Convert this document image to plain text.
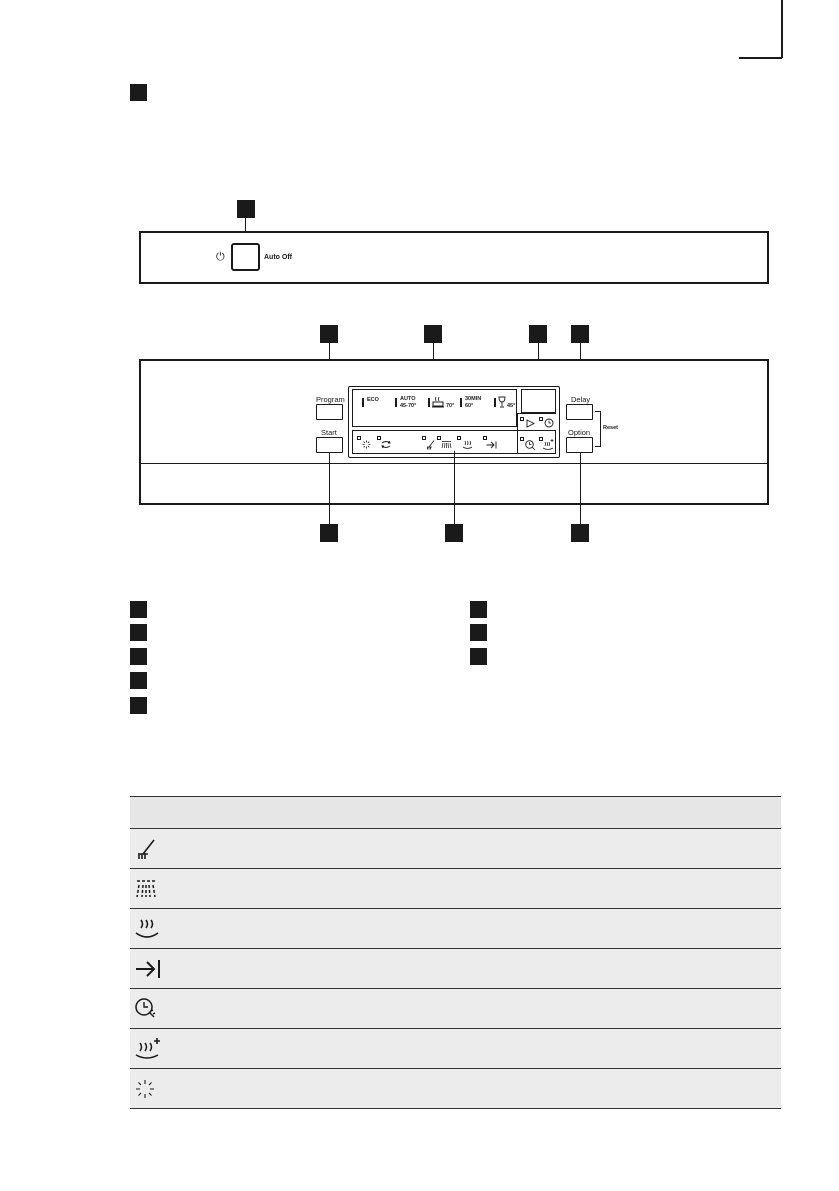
⏻	Auto Off
Program
Start
Delay
Option Reset
ECO	AUTO
45-70°	70°
30MIN
60°	45°
